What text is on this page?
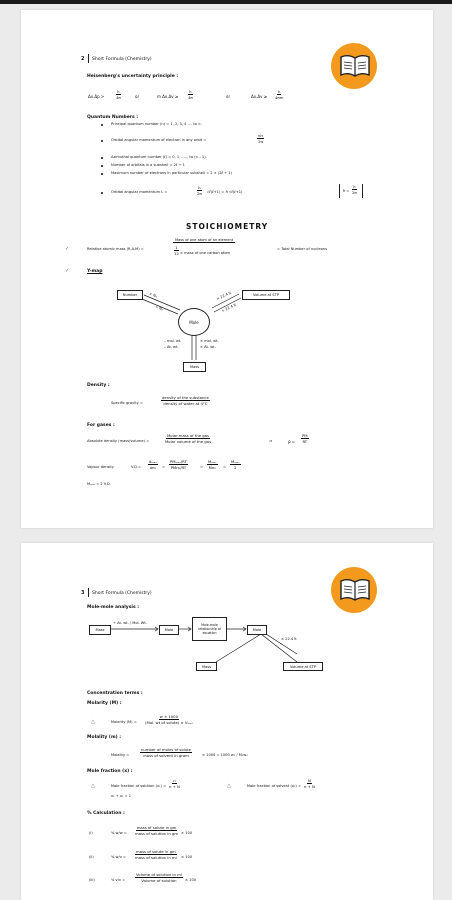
2 Short Formula (Chemistry)
Heisenberg's uncertainty principle :
Δx.Δp >	$\frac{h}{4\pi}$	or	m Δx.Δv ≥	$\frac{h}{4\pi}$	or	$\Delta x.\Delta v \ge \frac{h}{4\pi m}$
Quantum Numbers :
Principal quantum number (n) = 1, 2, 3, 4 .... to ∞.
Orbital angular momentum of electron in any orbit =	$\frac{nh}{2\pi}$
Azimuthal quantum number (ℓ) = 0, 1, ....., to (n – 1).
Number of orbitals in a subshell = 2ℓ + 1
Maximum number of electrons in particular subshell = 2 × (2ℓ + 1)
Orbital angular momentum L =	$\frac{h}{2\pi}$ √ℓ(ℓ+1) = ℏ √ℓ(ℓ+1)	ℏ = $\frac{h}{2\pi}$
STOICHIOMETRY
✓	Relative atomic mass (R.A.M) =
Mass of one atom of an element
$\frac{1}{12}$ × mass of one carbon atom
= Total Number of nucleons
✓	Y-map
Number
Mole
Volume at STP
Mass
× Nₐ
÷ Nₐ
× 22.4 lt
÷ 22.4 lt
– mol. wt.
– At. wt.
× mol. wt.
× At. wt.
Density :
Specific gravity =
density of the substance
density of water at 4°C
For gases :
Absolute density (mass/volume) =
Molar mass of the gas
Molar volume of the gas	⇒	$\rho = \frac{PM}{RT}$
Vapour density	V.D.=
dₘₐₛ
dʜ₂ =
PMₘₐₛ/RT
PMʜ₂/RT	=
Mₘₐₛ
Mʜ₂ =
Mₘₐₛ
2
Mₘₐₛ = 2 V.D.
3 Short Formula (Chemistry)
Mole-mole analysis :
Mass
÷ At. wt. / Mol. Wt.
Mole
Mole-mole relationship of equation
Mole
× 22.4 lt
Mass	Volume at STP
Concentration terms :
Molarity (M) :
△	Molarity (M) =
w × 1000
(Mol. wt of solute) × Vᵢₙₘₗ
Molality (m) :
Molality =
number of moles of solute
mass of solvent in gram	× 1000 = 1000 w₁ / M₁w₂
Mole fraction (x) :
△	Mole fraction of solution $(x_1) = \frac{n}{n + N}$	△	Mole fraction of solvent $(x_2) = \frac{N}{n + N}$
x₁ + x₂ = 1
% Calculation :
(i)	% w/w =
mass of solute in gm
mass of solution in gm × 100
(ii)	% w/v =
mass of solute in gm
mass of solution in ml × 100
(iii)	% v/v =
Volume of solution in ml
Volume of solution × 100
